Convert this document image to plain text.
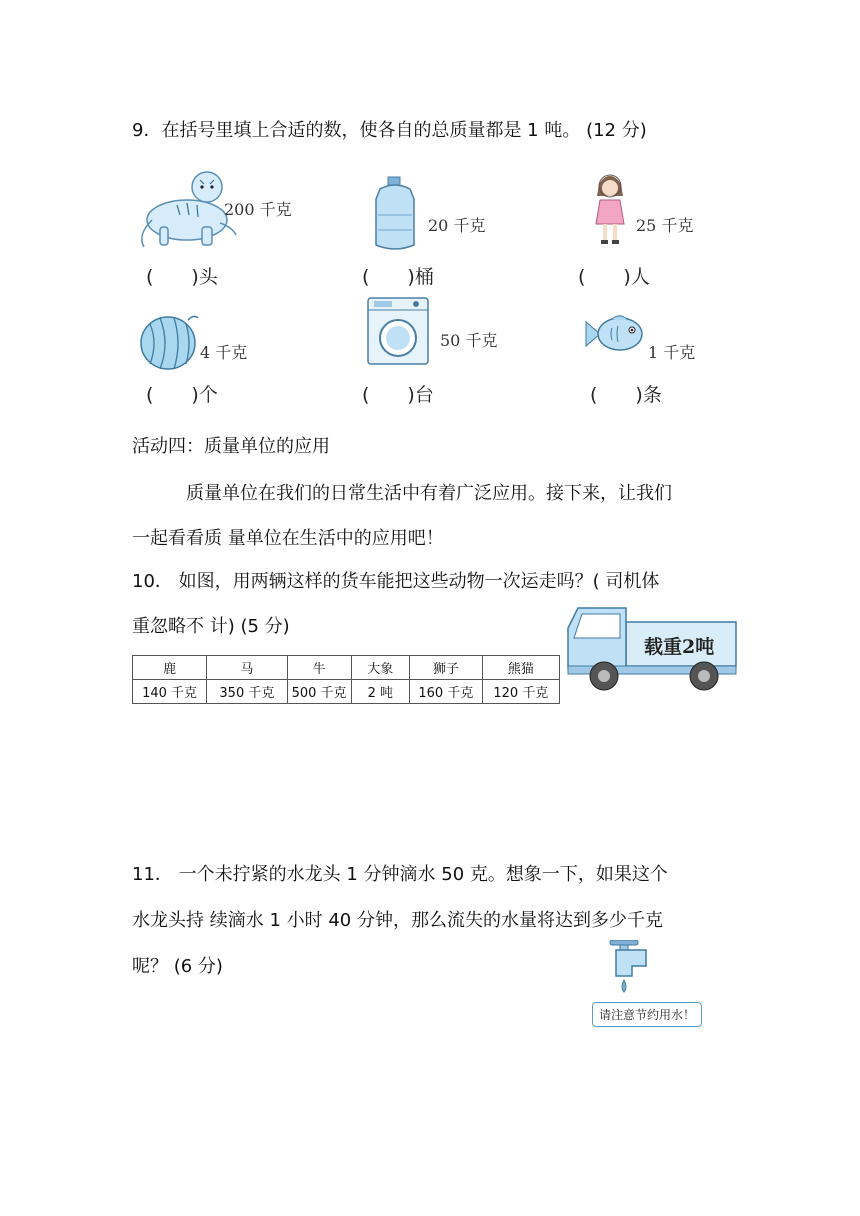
9．在括号里填上合适的数，使各自的总质量都是 1 吨。 (12 分)
200 千克
(　　)头
20 千克
(　　)桶
25 千克
(　　)人
4 千克
(　　)个
50 千克
(　　)台
1 千克
(　　)条
活动四：质量单位的应用
质量单位在我们的日常生活中有着广泛应用。接下来，让我们
一起看看质 量单位在生活中的应用吧！
10． 如图，用两辆这样的货车能把这些动物一次运走吗？( 司机体
重忽略不 计) (5 分)
鹿	马	牛	大象	狮子	熊猫
140 千克	350 千克	500 千克	2 吨	160 千克	120 千克
载重2吨
11． 一个未拧紧的水龙头 1 分钟滴水 50 克。想象一下，如果这个
水龙头持 续滴水 1 小时 40 分钟，那么流失的水量将达到多少千克
呢？ (6 分)
请注意节约用水！
